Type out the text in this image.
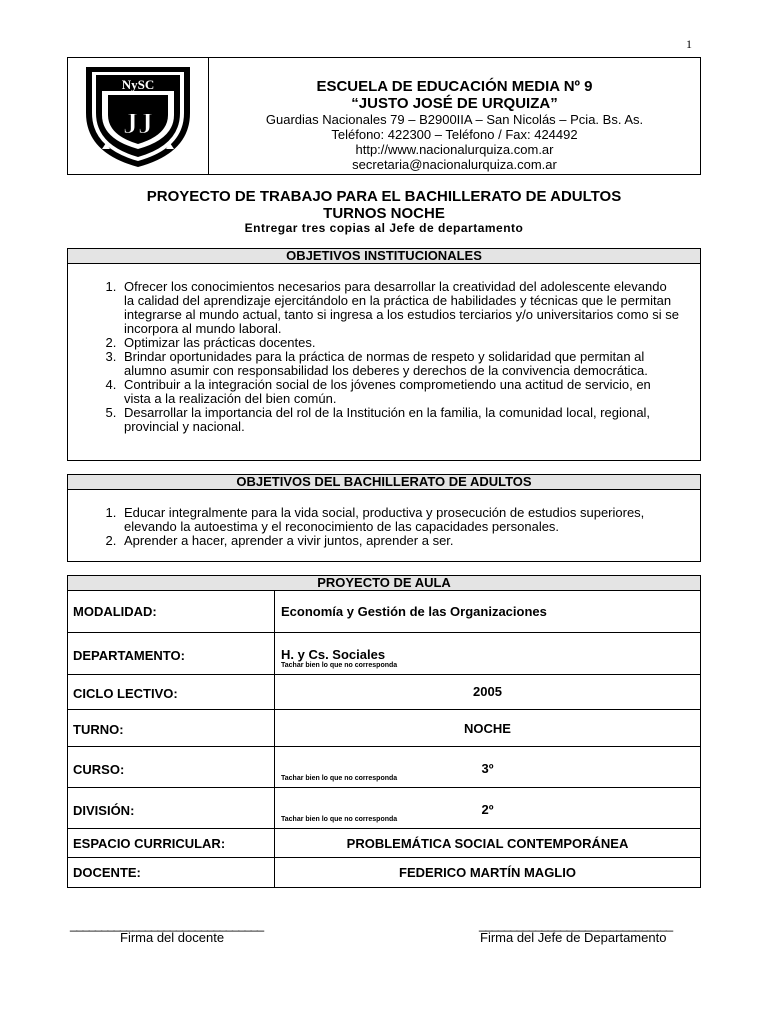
1
NySC
JJ
ESCUELA DE EDUCACIÓN MEDIA Nº 9
“JUSTO JOSÉ DE URQUIZA”
Guardias Nacionales 79 – B2900IIA – San Nicolás – Pcia. Bs. As.
Teléfono: 422300 – Teléfono / Fax: 424492
http://www.nacionalurquiza.com.ar
secretaria@nacionalurquiza.com.ar
PROYECTO DE TRABAJO PARA EL BACHILLERATO DE ADULTOS
TURNOS NOCHE
Entregar tres copias al Jefe de departamento
OBJETIVOS INSTITUCIONALES
1. Ofrecer los conocimientos necesarios para desarrollar la creatividad del adolescente elevando la calidad del aprendizaje ejercitándolo en la práctica de habilidades y técnicas que le permitan integrarse al mundo actual, tanto si ingresa a los estudios terciarios y/o universitarios como si se incorpora al mundo laboral.
2. Optimizar las prácticas docentes.
3. Brindar oportunidades para la práctica de normas de respeto y solidaridad que permitan al alumno asumir con responsabilidad los deberes y derechos de la convivencia democrática.
4. Contribuir a la integración social de los jóvenes comprometiendo una actitud de servicio, en vista a la realización del bien común.
5. Desarrollar la importancia del rol de la Institución en la familia, la comunidad local, regional, provincial y nacional.
OBJETIVOS DEL BACHILLERATO DE ADULTOS
1. Educar integralmente para la vida social, productiva y prosecución de estudios superiores, elevando la autoestima y el reconocimiento de las capacidades personales.
2. Aprender a hacer, aprender a vivir juntos, aprender a ser.
PROYECTO DE AULA
MODALIDAD:	Economía y Gestión de las Organizaciones
DEPARTAMENTO:	H. y Cs. Sociales
Tachar bien lo que no corresponda
CICLO LECTIVO:	2005
TURNO:	NOCHE
CURSO:	3º
Tachar bien lo que no corresponda
DIVISIÓN:	2º
Tachar bien lo que no corresponda
ESPACIO CURRICULAR:	PROBLEMÁTICA SOCIAL CONTEMPORÁNEA
DOCENTE:	FEDERICO MARTÍN MAGLIO
_______________________________
Firma del docente
_______________________________
Firma del Jefe de Departamento
